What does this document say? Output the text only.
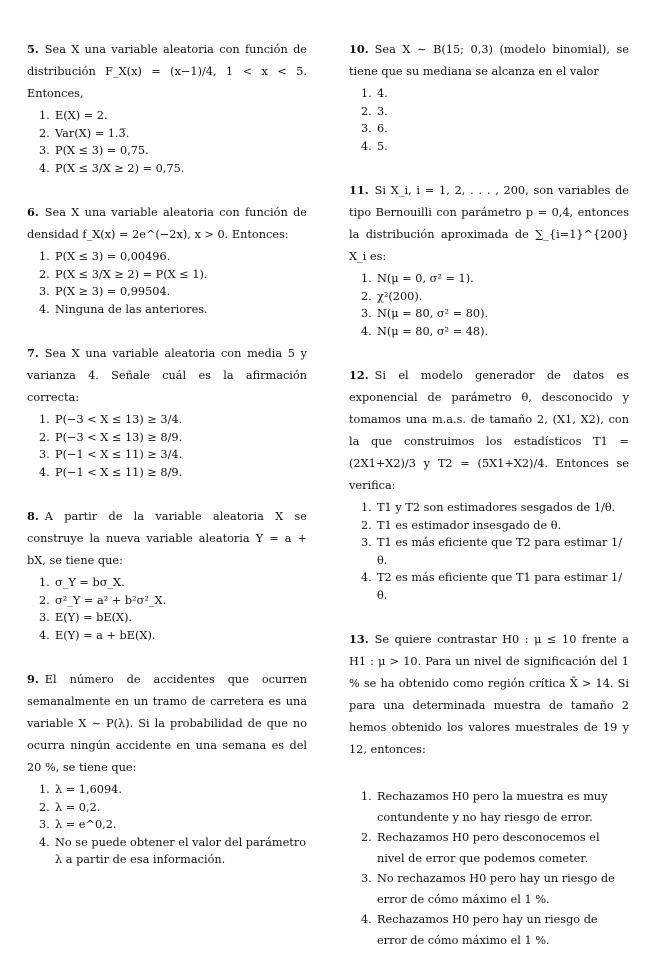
5. Sea X una variable aleatoria con función de distribución F_X(x) = (x−1)/4, 1 < x < 5. Entonces,

1. E(X) = 2.
2. Var(X) = 1.3̅.
3. P(X ≤ 3) = 0,75.
4. P(X ≤ 3/X ≥ 2) = 0,75.

6. Sea X una variable aleatoria con función de densidad f_X(x) = 2e^(−2x), x > 0. Entonces:

1. P(X ≤ 3) = 0,00496.
2. P(X ≤ 3/X ≥ 2) = P(X ≤ 1).
3. P(X ≥ 3) = 0,99504.
4. Ninguna de las anteriores.

7. Sea X una variable aleatoria con media 5 y varianza 4. Señale cuál es la afirmación correcta:

1. P(−3 < X ≤ 13) ≥ 3/4.
2. P(−3 < X ≤ 13) ≥ 8/9.
3. P(−1 < X ≤ 11) ≥ 3/4.
4. P(−1 < X ≤ 11) ≥ 8/9.

8. A partir de la variable aleatoria X se construye la nueva variable aleatoria Y = a + bX, se tiene que:

1. σ_Y = bσ_X.
2. σ²_Y = a² + b²σ²_X.
3. E(Y) = bE(X).
4. E(Y) = a + bE(X).

9. El número de accidentes que ocurren semanalmente en un tramo de carretera es una variable X ∼ P(λ). Si la probabilidad de que no ocurra ningún accidente en una semana es del 20 %, se tiene que:

1. λ = 1,6094.
2. λ = 0,2.
3. λ = e^0,2.
4. No se puede obtener el valor del parámetro λ a partir de esa información.

10. Sea X ∼ B(15; 0,3) (modelo binomial), se tiene que su mediana se alcanza en el valor

1. 4.
2. 3.
3. 6.
4. 5.

11. Si X_i, i = 1, 2, . . . , 200, son variables de tipo Bernouilli con parámetro p = 0,4, entonces la distribución aproximada de ∑_{i=1}^{200} X_i es:

1. N(μ = 0, σ² = 1).
2. χ²(200).
3. N(μ = 80, σ² = 80).
4. N(μ = 80, σ² = 48).

12. Si el modelo generador de datos es exponencial de parámetro θ, desconocido y tomamos una m.a.s. de tamaño 2, (X1, X2), con la que construimos los estadísticos T1 = (2X1+X2)/3 y T2 = (5X1+X2)/4. Entonces se verifica:

1. T1 y T2 son estimadores sesgados de 1/θ.
2. T1 es estimador insesgado de θ.
3. T1 es más eficiente que T2 para estimar 1/θ.
4. T2 es más eficiente que T1 para estimar 1/θ.

13. Se quiere contrastar H0 : μ ≤ 10 frente a H1 : μ > 10. Para un nivel de significación del 1 % se ha obtenido como región crítica X̄ > 14. Si para una determinada muestra de tamaño 2 hemos obtenido los valores muestrales de 19 y 12, entonces:

1. Rechazamos H0 pero la muestra es muy contundente y no hay riesgo de error.
2. Rechazamos H0 pero desconocemos el nivel de error que podemos cometer.
3. No rechazamos H0 pero hay un riesgo de error de cómo máximo el 1 %.
4. Rechazamos H0 pero hay un riesgo de error de cómo máximo el 1 %.
